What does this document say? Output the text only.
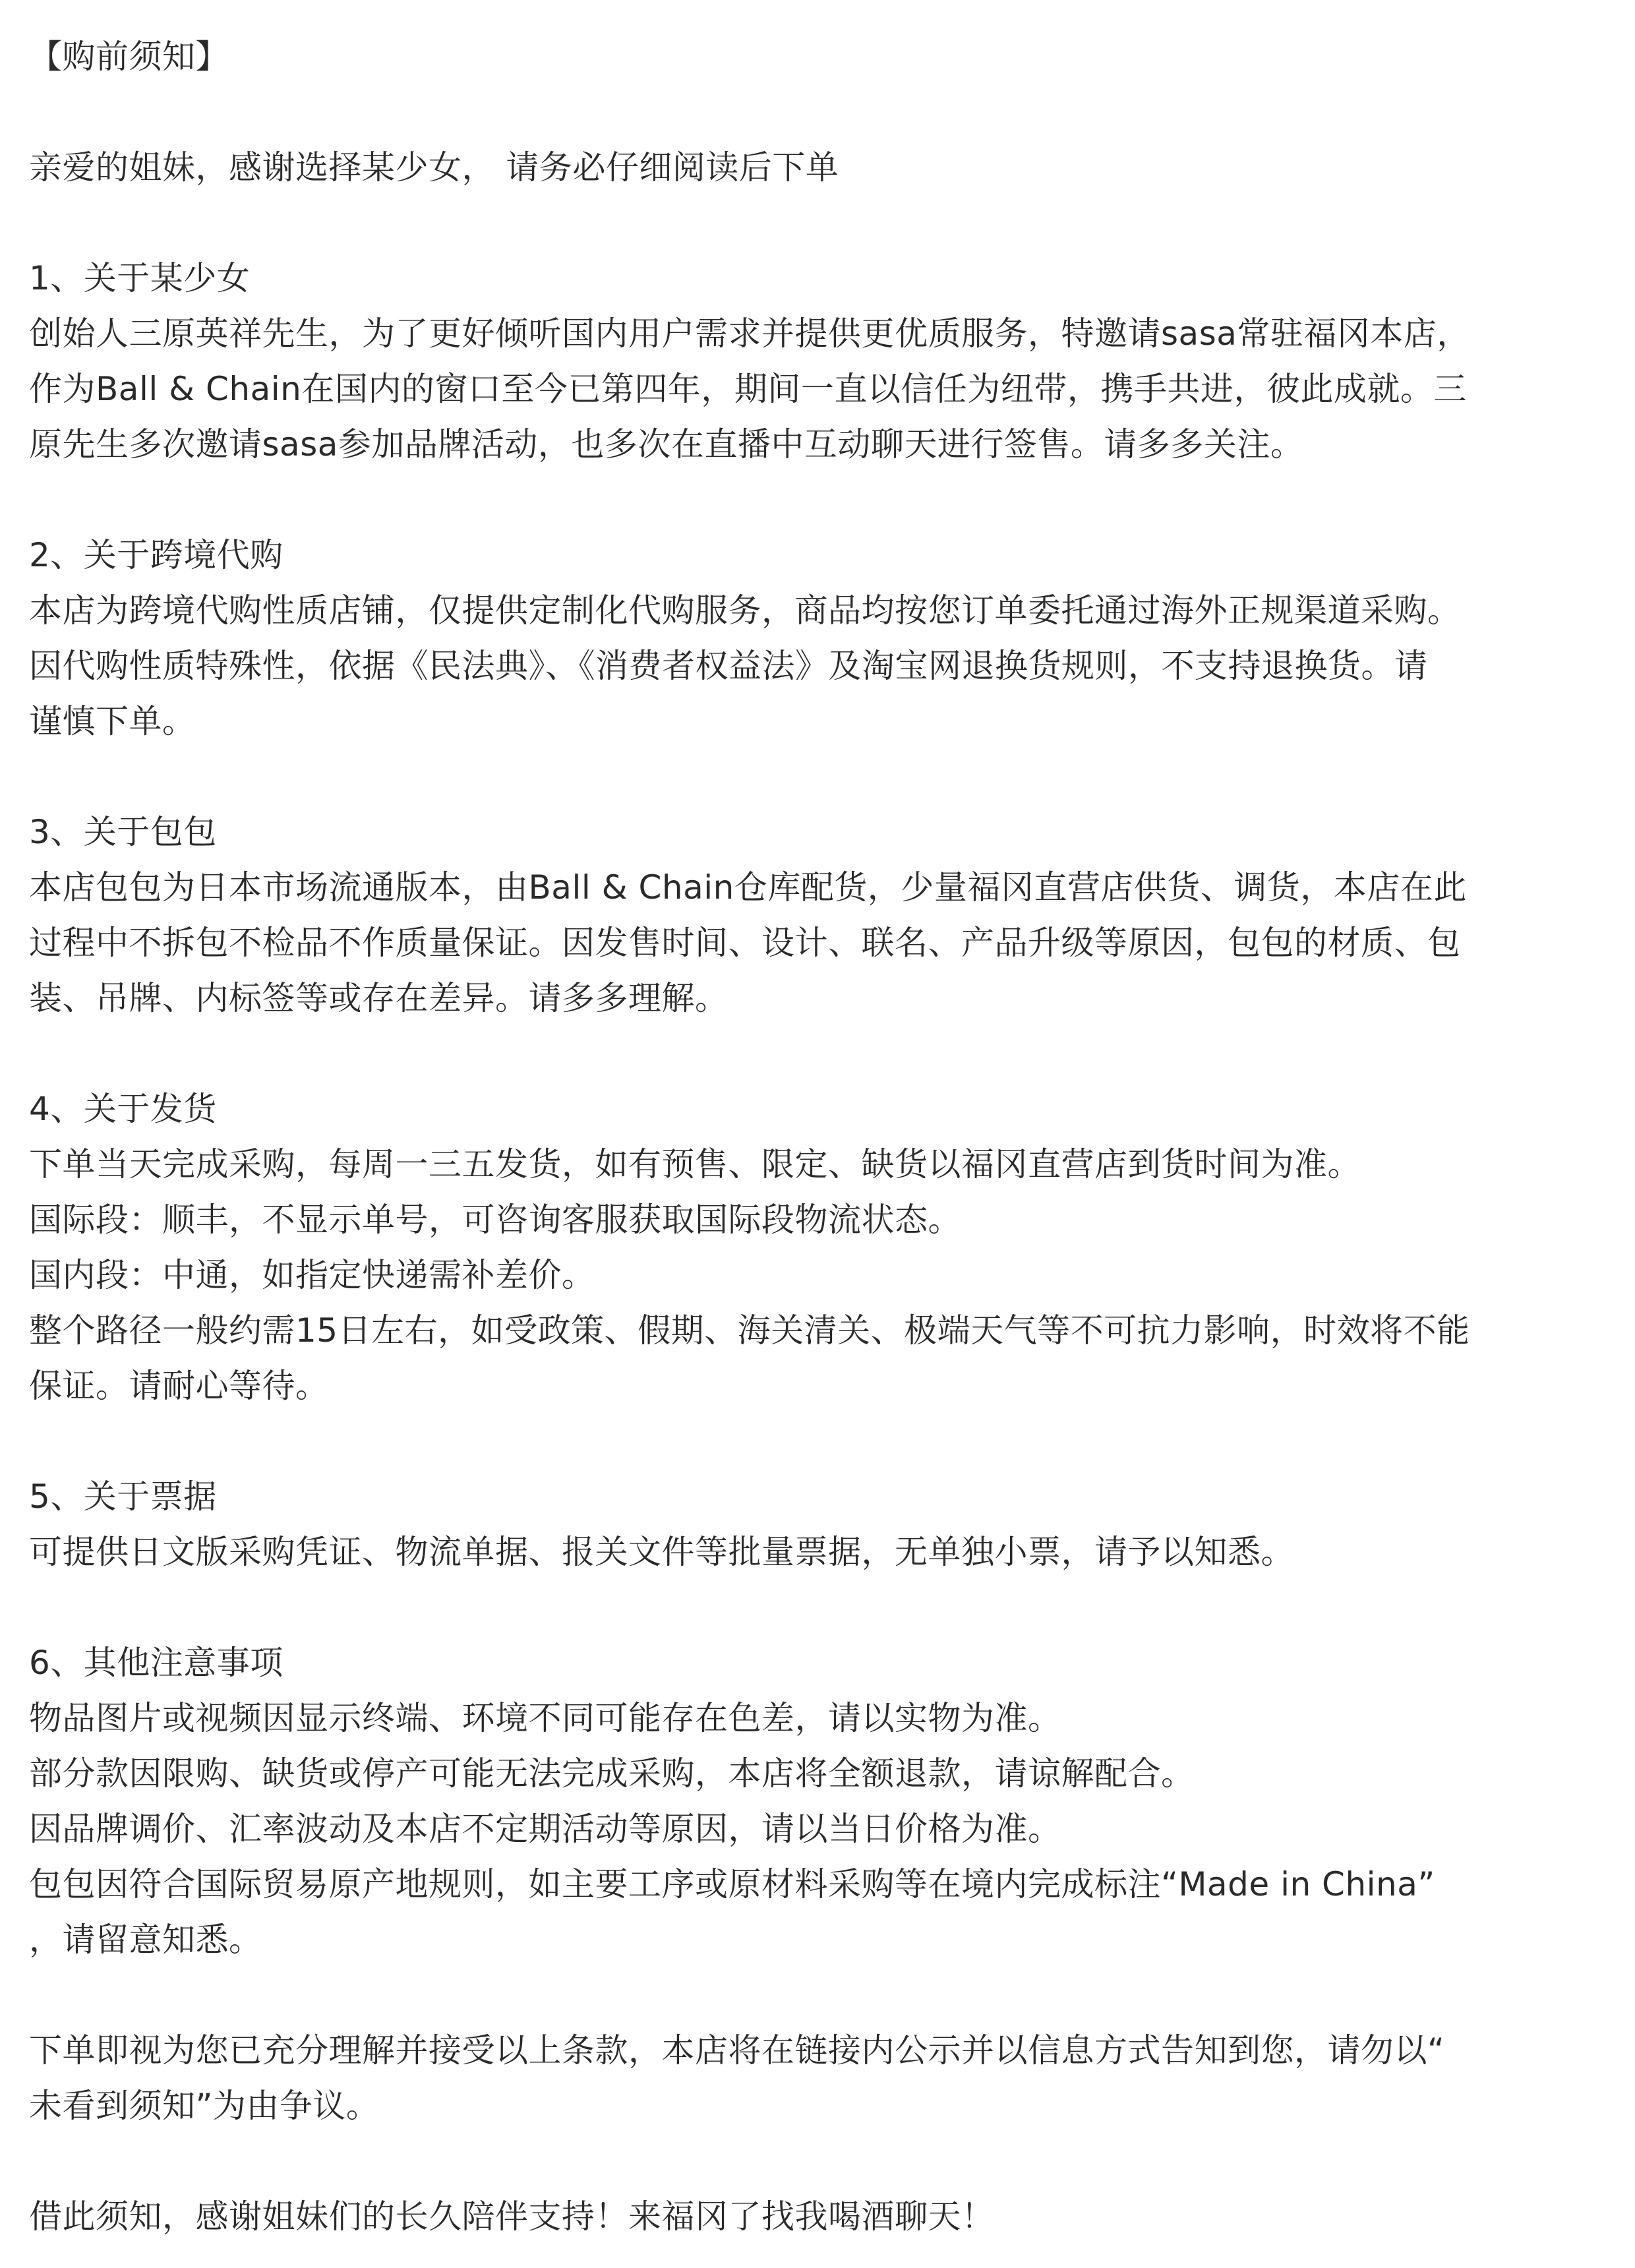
【购前须知】
亲爱的姐妹，感谢选择某少女， 请务必仔细阅读后下单
1、关于某少女
创始人三原英祥先生，为了更好倾听国内用户需求并提供更优质服务，特邀请sasa常驻福冈本店，
作为Ball & Chain在国内的窗口至今已第四年，期间一直以信任为纽带，携手共进，彼此成就。三
原先生多次邀请sasa参加品牌活动，也多次在直播中互动聊天进行签售。请多多关注。
2、关于跨境代购
本店为跨境代购性质店铺，仅提供定制化代购服务，商品均按您订单委托通过海外正规渠道采购。
因代购性质特殊性，依据《民法典》、《消费者权益法》及淘宝网退换货规则，不支持退换货。请
谨慎下单。
3、关于包包
本店包包为日本市场流通版本，由Ball & Chain仓库配货，少量福冈直营店供货、调货，本店在此
过程中不拆包不检品不作质量保证。因发售时间、设计、联名、产品升级等原因，包包的材质、包
装、吊牌、内标签等或存在差异。请多多理解。
4、关于发货
下单当天完成采购，每周一三五发货，如有预售、限定、缺货以福冈直营店到货时间为准。
国际段：顺丰，不显示单号，可咨询客服获取国际段物流状态。
国内段：中通，如指定快递需补差价。
整个路径一般约需15日左右，如受政策、假期、海关清关、极端天气等不可抗力影响，时效将不能
保证。请耐心等待。
5、关于票据
可提供日文版采购凭证、物流单据、报关文件等批量票据，无单独小票，请予以知悉。
6、其他注意事项
物品图片或视频因显示终端、环境不同可能存在色差，请以实物为准。
部分款因限购、缺货或停产可能无法完成采购，本店将全额退款，请谅解配合。
因品牌调价、汇率波动及本店不定期活动等原因，请以当日价格为准。
包包因符合国际贸易原产地规则，如主要工序或原材料采购等在境内完成标注“Made in China”
，请留意知悉。
下单即视为您已充分理解并接受以上条款，本店将在链接内公示并以信息方式告知到您，请勿以“
未看到须知”为由争议。
借此须知，感谢姐妹们的长久陪伴支持！来福冈了找我喝酒聊天！
